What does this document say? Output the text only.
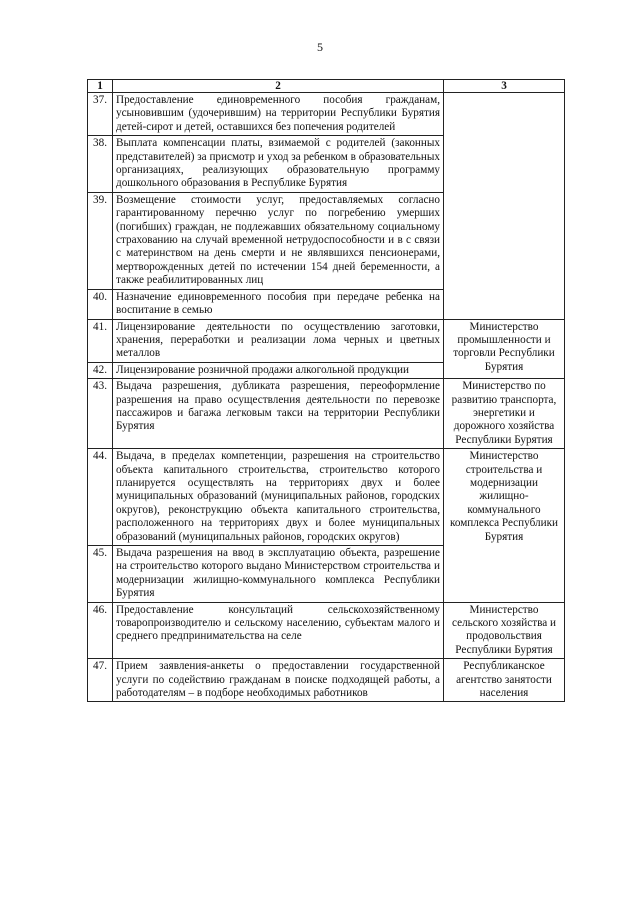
5
1	2	3
37.	Предоставление единовременного пособия гражданам, усыновившим (удочерившим) на территории Республики Бурятия детей-сирот и детей, оставшихся без попечения родителей	
38.	Выплата компенсации платы, взимаемой с родителей (законных представителей) за присмотр и уход за ребенком в образовательных организациях, реализующих образовательную программу дошкольного образования в Республике Бурятия	
39.	Возмещение стоимости услуг, предоставляемых согласно гарантированному перечню услуг по погребению умерших (погибших) граждан, не подлежавших обязательному социальному страхованию на случай временной нетрудоспособности и в с связи с материнством на день смерти и не являвшихся пенсионерами, мертворожденных детей по истечении 154 дней беременности, а также реабилитированных лиц	
40.	Назначение единовременного пособия при передаче ребенка на воспитание в семью	
41.	Лицензирование деятельности по осуществлению заготовки, хранения, переработки и реализации лома черных и цветных металлов	Министерство промышленности и торговли Республики Бурятия
42.	Лицензирование розничной продажи алкогольной продукции	
43.	Выдача разрешения, дубликата разрешения, переоформление разрешения на право осуществления деятельности по перевозке пассажиров и багажа легковым такси на территории Республики Бурятия	Министерство по развитию транспорта, энергетики и дорожного хозяйства Республики Бурятия
44.	Выдача, в пределах компетенции, разрешения на строительство объекта капитального строительства, строительство которого планируется осуществлять на территориях двух и более муниципальных образований (муниципальных районов, городских округов), реконструкцию объекта капитального строительства, расположенного на территориях двух и более муниципальных образований (муниципальных районов, городских округов)	Министерство строительства и модернизации жилищно-коммунального комплекса Республики Бурятия
45.	Выдача разрешения на ввод в эксплуатацию объекта, разрешение на строительство которого выдано Министерством строительства и модернизации жилищно-коммунального комплекса Республики Бурятия	
46.	Предоставление консультаций сельскохозяйственному товаропроизводителю и сельскому населению, субъектам малого и среднего предпринимательства на селе	Министерство сельского хозяйства и продовольствия Республики Бурятия
47.	Прием заявления-анкеты о предоставлении государственной услуги по содействию гражданам в поиске подходящей работы, а работодателям – в подборе необходимых работников	Республиканское агентство занятости населения
